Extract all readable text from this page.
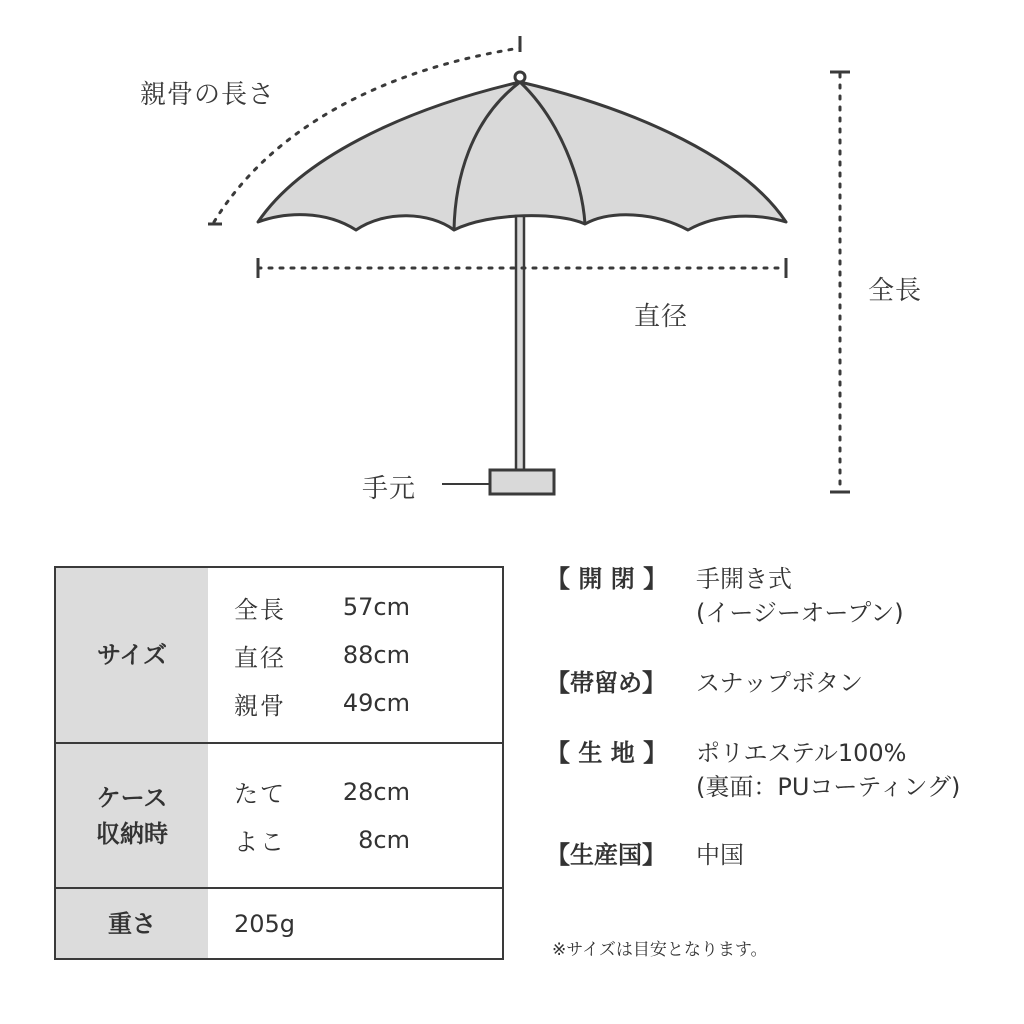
親骨の長さ
直径
全長
手元
サイズ
全長	57cm
直径	88cm
親骨	49cm
ケース
収納時
たて	28cm
よこ	8cm
重さ	205g
【 開 閉 】	手開き式
(イージーオープン)
【帯留め】	スナップボタン
【 生 地 】	ポリエステル100%
(裏面：PUコーティング)
【生産国】	中国
※サイズは目安となります。
